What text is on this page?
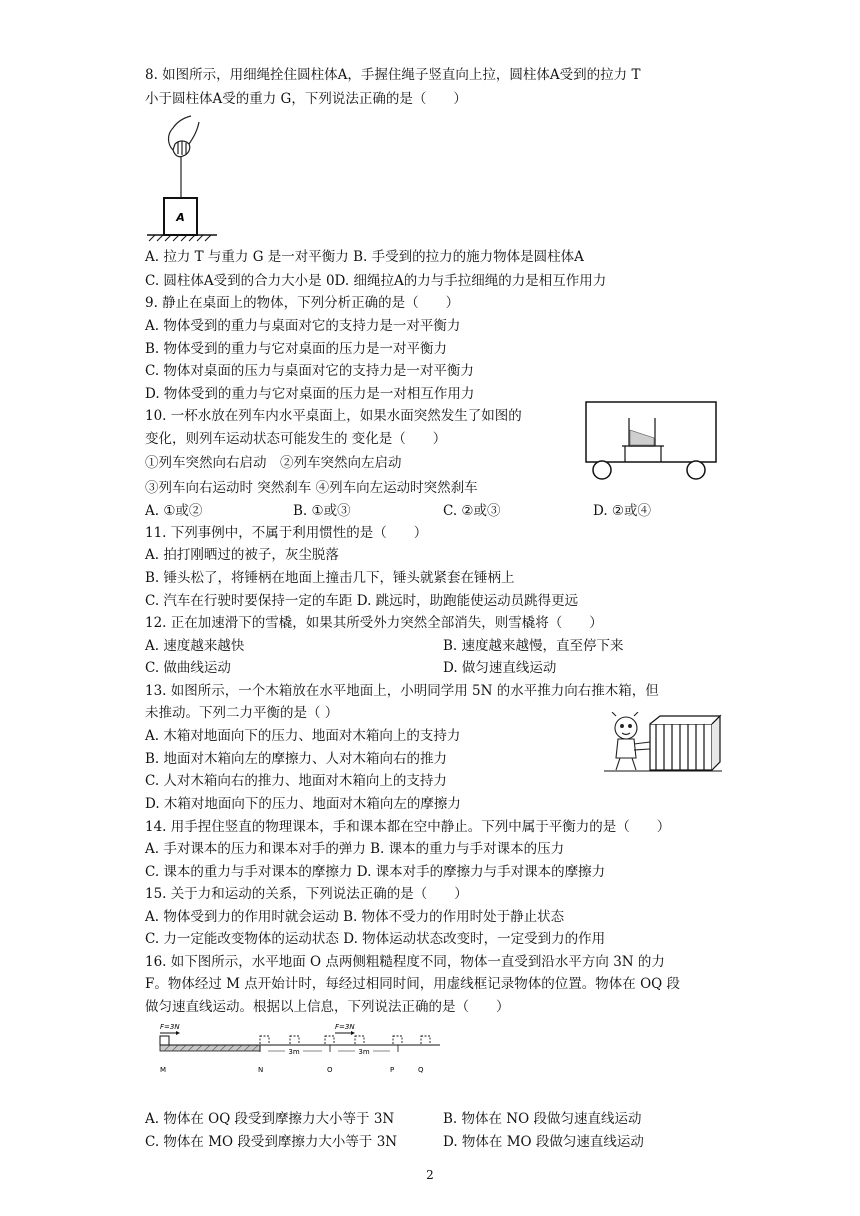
8. 如图所示，用细绳拴住圆柱体A，手握住绳子竖直向上拉，圆柱体A受到的拉力 T
小于圆柱体A受的重力 G，下列说法正确的是（　　）
A
A. 拉力 T 与重力 G 是一对平衡力 B. 手受到的拉力的施力物体是圆柱体A
C. 圆柱体A受到的合力大小是 0D. 细绳拉A的力与手拉细绳的力是相互作用力
9. 静止在桌面上的物体，下列分析正确的是（　　）
A. 物体受到的重力与桌面对它的支持力是一对平衡力
B. 物体受到的重力与它对桌面的压力是一对平衡力
C. 物体对桌面的压力与桌面对它的支持力是一对平衡力
D. 物体受到的重力与它对桌面的压力是一对相互作用力
10. 一杯水放在列车内水平桌面上，如果水面突然发生了如图的
变化，则列车运动状态可能发生的 变化是（　　）
①列车突然向右启动　②列车突然向左启动
③列车向右运动时 突然刹车 ④列车向左运动时突然刹车
A. ①或②	B. ①或③	C. ②或③	D. ②或④
11. 下列事例中，不属于利用惯性的是（　　）
A. 拍打刚晒过的被子，灰尘脱落
B. 锤头松了，将锤柄在地面上撞击几下，锤头就紧套在锤柄上
C. 汽车在行驶时要保持一定的车距 D. 跳远时，助跑能使运动员跳得更远
12. 正在加速滑下的雪橇，如果其所受外力突然全部消失，则雪橇将（　　）
A. 速度越来越快	B. 速度越来越慢，直至停下来
C. 做曲线运动	D. 做匀速直线运动
13. 如图所示，一个木箱放在水平地面上，小明同学用 5N 的水平推力向右推木箱，但
未推动。下列二力平衡的是（ ）
A. 木箱对地面向下的压力、地面对木箱向上的支持力
B. 地面对木箱向左的摩擦力、人对木箱向右的推力
C. 人对木箱向右的推力、地面对木箱向上的支持力
D. 木箱对地面向下的压力、地面对木箱向左的摩擦力
14. 用手捏住竖直的物理课本，手和课本都在空中静止。下列中属于平衡力的是（　　）
A. 手对课本的压力和课本对手的弹力 B. 课本的重力与手对课本的压力
C. 课本的重力与手对课本的摩擦力 D. 课本对手的摩擦力与手对课本的摩擦力
15. 关于力和运动的关系，下列说法正确的是（　　）
A. 物体受到力的作用时就会运动 B. 物体不受力的作用时处于静止状态
C. 力一定能改变物体的运动状态 D. 物体运动状态改变时，一定受到力的作用
16. 如下图所示，水平地面 O 点两侧粗糙程度不同，物体一直受到沿水平方向 3N 的力
F。物体经过 M 点开始计时，每经过相同时间，用虚线框记录物体的位置。物体在 OQ 段
做匀速直线运动。根据以上信息，下列说法正确的是（　　）
F=3N	F=3N
3m	3m
M	N	O	P	Q
A. 物体在 OQ 段受到摩擦力大小等于 3N	B. 物体在 NO 段做匀速直线运动
C. 物体在 MO 段受到摩擦力大小等于 3N	D. 物体在 MO 段做匀速直线运动
2
